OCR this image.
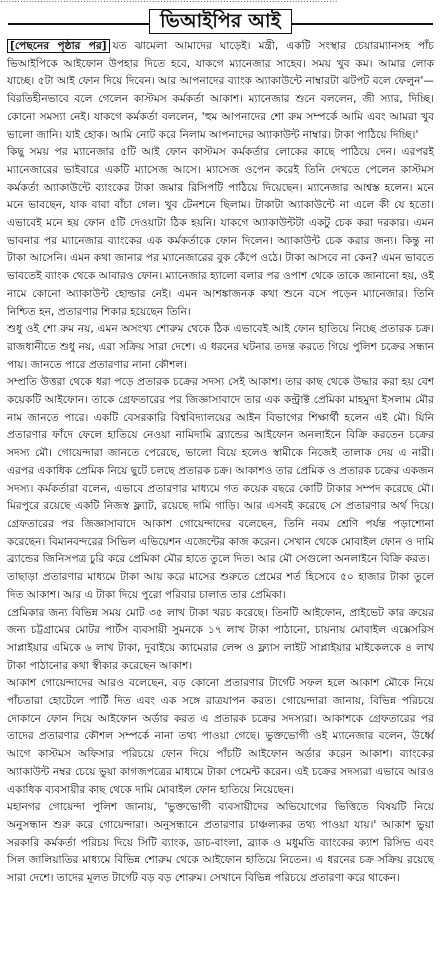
ভিআইপির আই

[পেছনের পৃষ্ঠার পর] যত ঝামেলা আমাদের ঘাড়েই। মন্ত্রী, একটি সংস্থার চেয়ারম্যানসহ পাঁচ ভিআইপিকে আইফোন উপহার দিতে হবে, যাকগে ম্যানেজার সাহেব। সময় খুব কম। আমার লোক যাচ্ছে। ৫টা আই ফোন দিয়ে দিবেন। আর আপনাদের ব্যাংক অ্যাকাউন্টে নাম্বারটা ঝটপট বলে ফেলুন'—বিরতিহীনভাবে বলে গেলেন কাস্টমস কর্মকর্তা আকাশ। ম্যানেজার শুনে বললেন, জী স্যার, দিচ্ছি। কোনো সমস্যা নেই। যাকগে কর্মকর্তা বললেন, 'হুম আপনাদের শো রুম সম্পর্কে আমি এবং আমরা খুব ভালো জানি। যাই হোক। আমি নোট করে নিলাম আপনাদের অ্যাকাউন্ট নাম্বার। টাকা পাঠিয়ে দিচ্ছি।'

কিছু সময় পর ম্যানেজার ৫টি আই ফোন কাস্টমস কর্মকর্তার লোকের কাছে পাঠিয়ে দেন। এরপরই ম্যানেজারের ভাইবারে একটি ম্যাসেজ আসে। ম্যাসেজ ওপেন করেই তিনি দেখতে পেলেন কাস্টমস কর্মকর্তা অ্যাকাউন্টে ব্যাংকের টাকা জমার রিসিপটি পাঠিয়ে দিয়েছেন। ম্যানেজার আশ্বস্ত হলেন। মনে মনে ভাবছেন, যাক বাবা বাঁচা গেল। খুব টেনশনে ছিলাম। টাকাটা অ্যাকাউন্টে না এলে কী যে হতো। এভাবেই মনে হয় ফোন ৫টি দেওয়াটা ঠিক হয়নি। যাকগে অ্যাকাউন্টটা একটু চেক করা দরকার। এমন ভাবনার পর ম্যানেজার ব্যাংকের এক কর্মকর্তাকে ফোন দিলেন। অ্যাকাউন্ট চেক করার জন্য। কিন্তু না টাকা আসেনি। এমন কথা জানার পর ম্যানেজারের বুক কেঁপে ওঠে। টাকা আসবে না কেন? এমন ভাবতে ভাবতেই ব্যাংক থেকে আবারও ফোন। ম্যানেজার হ্যালো বলার পর ওপাশ থেকে তাকে জানানো হয়, ওই নামে কোনো অ্যাকাউন্ট হোল্ডার নেই। এমন আশঙ্কাজনক কথা শুনে বসে পড়েন ম্যানেজার। তিনি নিশ্চিত হন, প্রতারণার শিকার হয়েছেন তিনি।

শুধু ওই শো রুম নয়, এমন অসংখ্য শোরুম থেকে ঠিক এভাবেই আই ফোন হাতিয়ে নিচ্ছে প্রতারক চক্র। রাজধানীতে শুধু নয়, এরা সক্রিয় সারা দেশে। এ ধরনের ঘটনার তদন্ত করতে গিয়ে পুলিশ চক্রের সন্ধান পায়। জানতে পারে প্রতারণার নানা কৌশল।

সম্প্রতি উত্তরা থেকে ধরা পড়ে প্রতারক চক্রের সদস্য সেই আকাশ। তার কাছ থেকে উদ্ধার করা হয় বেশ কয়েকটি আইফোন। তাকে গ্রেফতারের পর জিজ্ঞাসাবাদে তার এক কন্ট্রাক্ট প্রেমিকা মাহমুদা ইসলাম মৌর নাম জানতে পারে। একটি বেসরকারি বিশ্ববিদ্যালয়ের আইন বিভাগের শিক্ষার্থী হলেন এই মৌ। যিনি প্রতারণার ফাঁদে ফেলে হাতিয়ে নেওয়া নামিদামি ব্র্যান্ডের আইফোন অনলাইনে বিক্রি করতেন চক্রের সদস্য মৌ। গোয়েন্দারা জানতে পেরেছে, ভালো বিয়ে হলেও স্বামীকে নিজেই তালাক দেয় এ নারী। এরপর একাধিক প্রেমিক নিয়ে ছুটে চলছে প্রতারক চক্র। আকাশও তার প্রেমিক ও প্রতারক চক্রের একজন সদস্য। কর্মকর্তারা বলেন, এভাবে প্রতারণার মাধ্যমে গত কয়েক বছরে কোটি টাকার সম্পদ করেছে মৌ। মিরপুরে রয়েছে একটি নিজস্ব ফ্ল্যাট, রয়েছে দামি গাড়ি। আর এসবই করেছে সে প্রতারণার অর্থ দিয়ে। গ্রেফতারের পর জিজ্ঞাসাবাদে আকাশ গোয়েন্দাদের বলেছেন, তিনি নবম শ্রেণি পর্যন্ত পড়াশোনা করেছেন। বিমানবন্দরের সিভিল এভিয়েশন এজেন্টের কাজ করেন। সেখান থেকে মোবাইল ফোন ও দামি ব্র্যান্ডের জিনিসপত্র চুরি করে প্রেমিকা মৌর হাতে তুলে দিত। আর মৌ সেগুলো অনলাইনে বিক্রি করত।

তাছাড়া প্রতারণার মাধ্যমে টাকা আয় করে মাসের শুরুতে প্রেমের শর্ত হিসেবে ৫০ হাজার টাকা তুলে দিত আকাশ। আর এ টাকা দিয়ে পুরো পরিবার চালাত তার প্রেমিকা।

প্রেমিকার জন্য বিভিন্ন সময় মোট ৩৫ লাখ টাকা খরচ করেছে। তিনটি আইফোন, প্রাইভেট কার ক্রয়ের জন্য চট্টগ্রামের মোটর পার্টস ব্যবসায়ী সুমনকে ১৭ লাখ টাকা পাঠানো, চায়নায় মোবাইল এক্সেসরিস সাপ্লাইয়ার এমিকে ৬ লাখ টাকা, দুবাইয়ে ক্যামেরার লেন্স ও ফ্ল্যাস লাইট সাপ্লাইয়ার মাইকেলকে ৪ লাখ টাকা পাঠানোর কথা স্বীকার করেছেন আকাশ।

আকাশ গোয়েন্দাদের আরও বলেছেন, বড় কোনো প্রতারণার টার্গেট সফল হলে আকাশ মৌকে নিয়ে পাঁচতারা হোটেলে পার্টি দিত এবং এক সঙ্গে রাত্রযাপন করত। গোয়েন্দারা জানায়, বিভিন্ন পরিচয়ে দোকানে ফোন দিয়ে আইফোন অর্ডার করত এ প্রতারক চক্রের সদস্যরা। আকাশকে গ্রেফতারের পর তাদের প্রতারণার কৌশল সম্পর্কে নানা তথ্য পাওয়া গেছে। ভুক্তভোগী ওই ম্যানেজার বলেন, উর্ধ্বে আগে কাস্টমস অফিসার পরিচয়ে ফোন দিয়ে পাঁচটি আইফোন অর্ডার করেন আকাশ। ব্যাংকের অ্যাকাউন্ট নম্বর চেয়ে ভুয়া কাগজপত্রের মাধ্যমে টাকা পেমেন্ট করেন। এই চক্রের সদস্যরা এভাবে আরও একাধিক ব্যবসায়ীর কাছ থেকে দামি মোবাইল ফোন হাতিয়ে নিয়েছেন।

মহানগর গোয়েন্দা পুলিশ জানায়, 'ভুক্তভোগী ব্যবসায়ীদের অভিযোগের ভিত্তিতে বিষয়টি নিয়ে অনুসন্ধান শুরু করে গোয়েন্দারা। অনুসন্ধানে প্রতারণার চাঞ্চল্যকর তথ্য পাওয়া যায়।' আকাশ ভুয়া সরকারি কর্মকর্তা পরিচয় দিয়ে সিটি ব্যাংক, ডাচ-বাংলা, ব্র্যাক ও মধুমতি ব্যাংকের ক্যাশ রিসিভ এবং সিল জালিয়াতির মাধ্যমে বিভিন্ন শোরুম থেকে আইফোন হাতিয়ে নিতেন। এ ধরনের চক্র সক্রিয় রয়েছে সারা দেশে। তাদের মূলত টার্গেট বড় বড় শোরুম। সেখানে বিভিন্ন পরিচয়ে প্রতারণা করে থাকেন।
